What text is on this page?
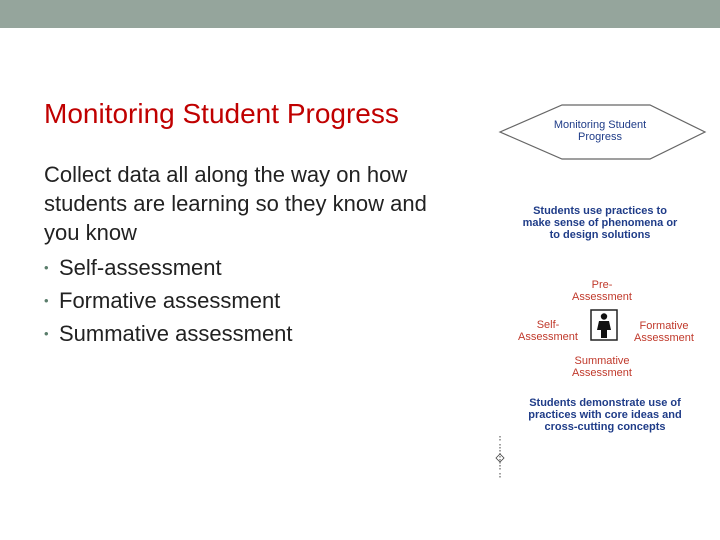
Monitoring Student Progress
Collect data all along the way on how students are learning so they know and you know
• Self-assessment
• Formative assessment
• Summative assessment
Monitoring Student Progress
Students use practices to make sense of phenomena or to design solutions
Pre-Assessment
Self-Assessment
Formative Assessment
Summative Assessment
Students demonstrate use of practices with core ideas and cross-cutting concepts
